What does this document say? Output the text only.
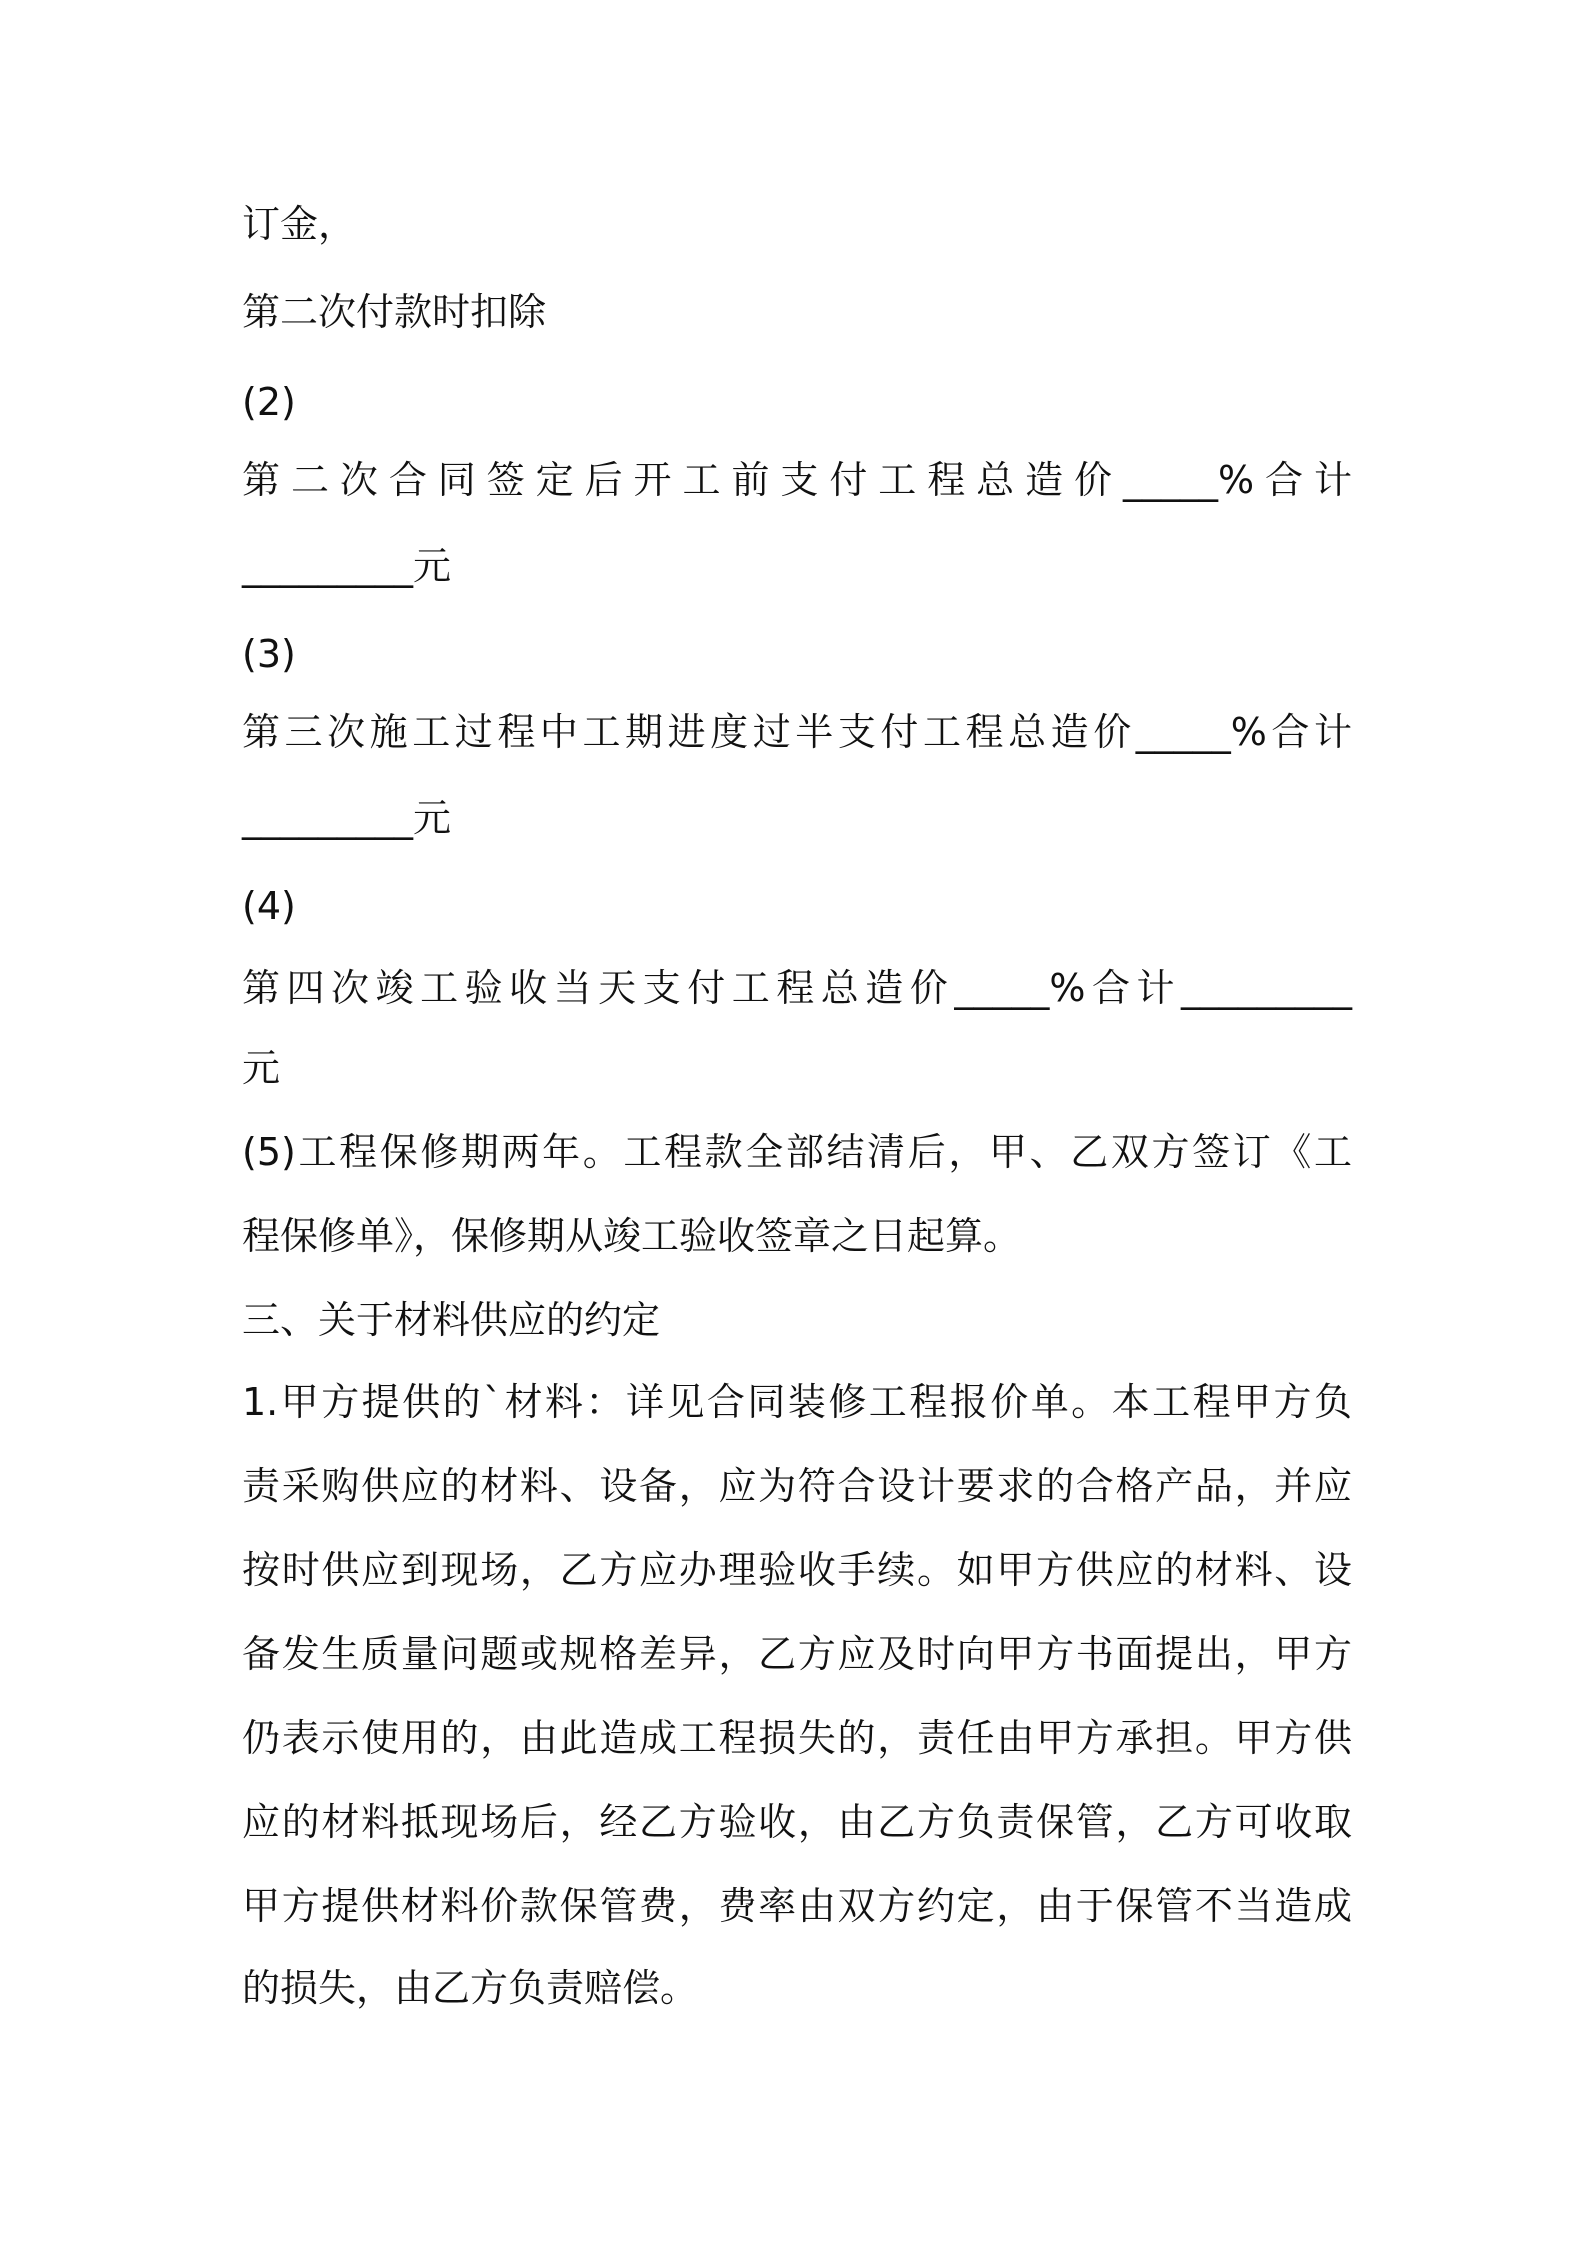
订金，

第二次付款时扣除

(2)

第二次合同签定后开工前支付工程总造价_____%合计

_________元

(3)

第三次施工过程中工期进度过半支付工程总造价_____%合计

_________元

(4)

第四次竣工验收当天支付工程总造价_____%合计_________

元

(5)工程保修期两年。工程款全部结清后，甲、乙双方签订《工

程保修单》，保修期从竣工验收签章之日起算。

三、关于材料供应的约定

1.甲方提供的`材料：详见合同装修工程报价单。本工程甲方负

责采购供应的材料、设备，应为符合设计要求的合格产品，并应

按时供应到现场，乙方应办理验收手续。如甲方供应的材料、设

备发生质量问题或规格差异，乙方应及时向甲方书面提出，甲方

仍表示使用的，由此造成工程损失的，责任由甲方承担。甲方供

应的材料抵现场后，经乙方验收，由乙方负责保管，乙方可收取

甲方提供材料价款保管费，费率由双方约定，由于保管不当造成

的损失，由乙方负责赔偿。
